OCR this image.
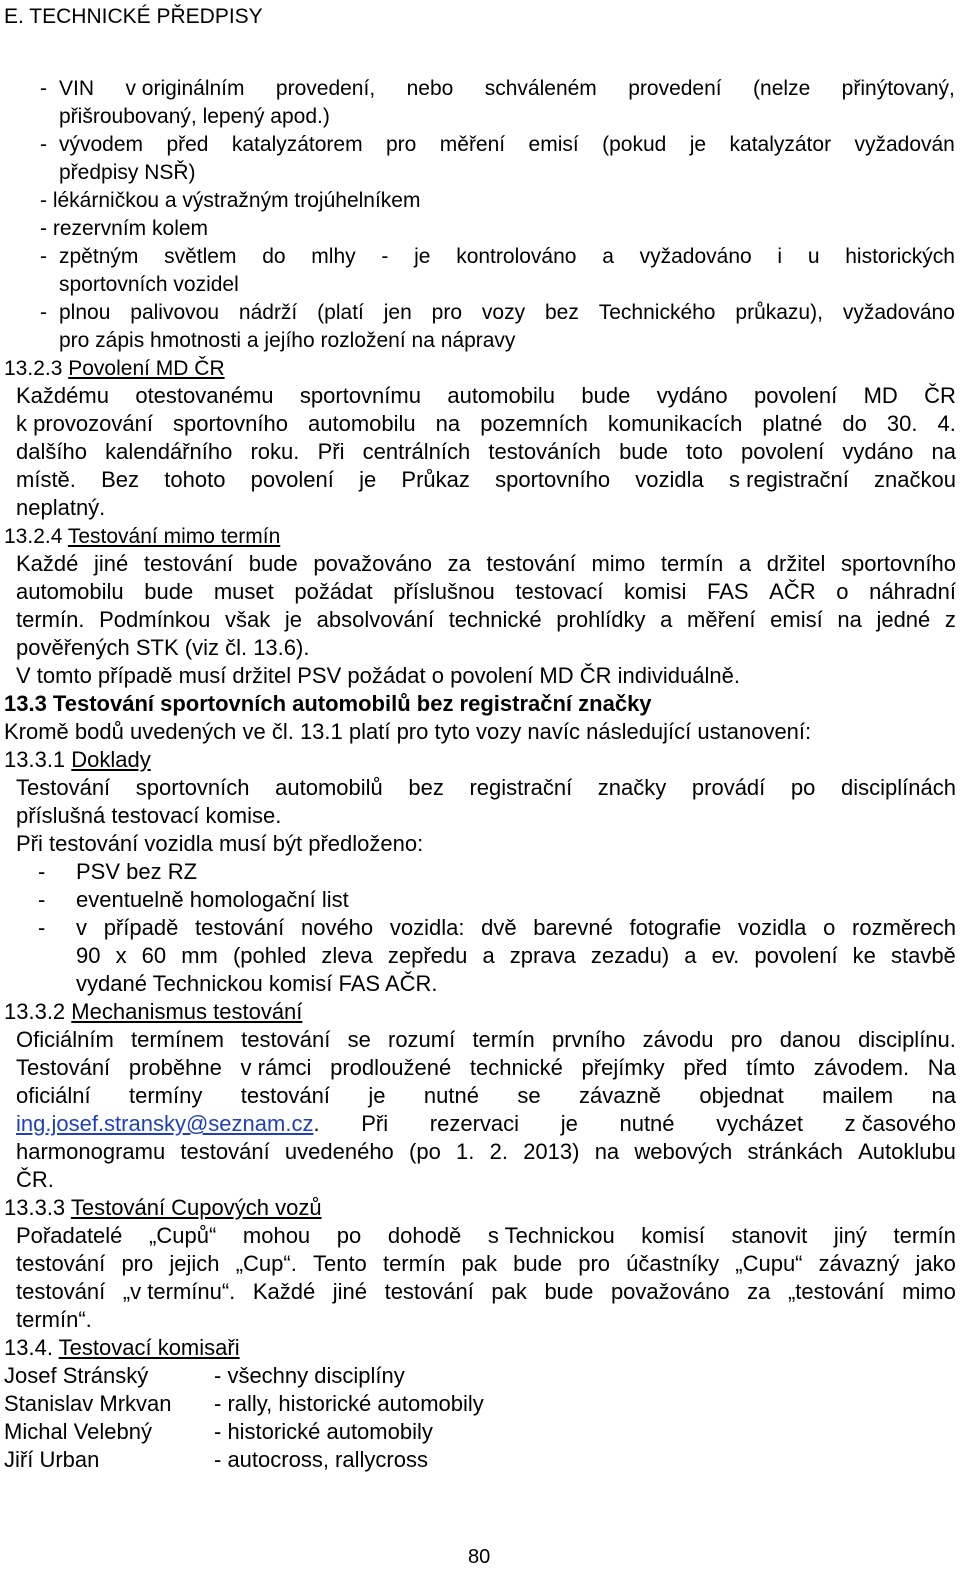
E. TECHNICKÉ PŘEDPISY
- VIN v originálním provedení, nebo schváleném provedení (nelze přinýtovaný,
přišroubovaný, lepený apod.)
- vývodem před katalyzátorem pro měření emisí (pokud je katalyzátor vyžadován
předpisy NSŘ)
- lékárničkou a výstražným trojúhelníkem
- rezervním kolem
- zpětným světlem do mlhy - je kontrolováno a vyžadováno i u historických
sportovních vozidel
- plnou palivovou nádrží (platí jen pro vozy bez Technického průkazu), vyžadováno
pro zápis hmotnosti a jejího rozložení na nápravy
13.2.3 Povolení MD ČR
Každému otestovanému sportovnímu automobilu bude vydáno povolení MD ČR
k provozování sportovního automobilu na pozemních komunikacích platné do 30. 4.
dalšího kalendářního roku. Při centrálních testováních bude toto povolení vydáno na
místě. Bez tohoto povolení je Průkaz sportovního vozidla s registrační značkou
neplatný.
13.2.4 Testování mimo termín
Každé jiné testování bude považováno za testování mimo termín a držitel sportovního
automobilu bude muset požádat příslušnou testovací komisi FAS AČR o náhradní
termín. Podmínkou však je absolvování technické prohlídky a měření emisí na jedné z
pověřených STK (viz čl. 13.6).
V tomto případě musí držitel PSV požádat o povolení MD ČR individuálně.
13.3 Testování sportovních automobilů bez registrační značky
Kromě bodů uvedených ve čl. 13.1 platí pro tyto vozy navíc následující ustanovení:
13.3.1 Doklady
Testování sportovních automobilů bez registrační značky provádí po disciplínách
příslušná testovací komise.
Při testování vozidla musí být předloženo:
- PSV bez RZ
- eventuelně homologační list
- v případě testování nového vozidla: dvě barevné fotografie vozidla o rozměrech
90 x 60 mm (pohled zleva zepředu a zprava zezadu) a ev. povolení ke stavbě
vydané Technickou komisí FAS AČR.
13.3.2 Mechanismus testování
Oficiálním termínem testování se rozumí termín prvního závodu pro danou disciplínu.
Testování proběhne v rámci prodloužené technické přejímky před tímto závodem. Na
oficiální termíny testování je nutné se závazně objednat mailem na
ing.josef.stransky@seznam.cz. Při rezervaci je nutné vycházet z časového
harmonogramu testování uvedeného (po 1. 2. 2013) na webových stránkách Autoklubu
ČR.
13.3.3 Testování Cupových vozů
Pořadatelé „Cupů“ mohou po dohodě s Technickou komisí stanovit jiný termín
testování pro jejich „Cup“. Tento termín pak bude pro účastníky „Cupu“ závazný jako
testování „v termínu“. Každé jiné testování pak bude považováno za „testování mimo
termín“.
13.4. Testovací komisaři
Josef Stránský	- všechny disciplíny
Stanislav Mrkvan - rally, historické automobily
Michal Velebný	- historické automobily
Jiří Urban	- autocross, rallycross
80
